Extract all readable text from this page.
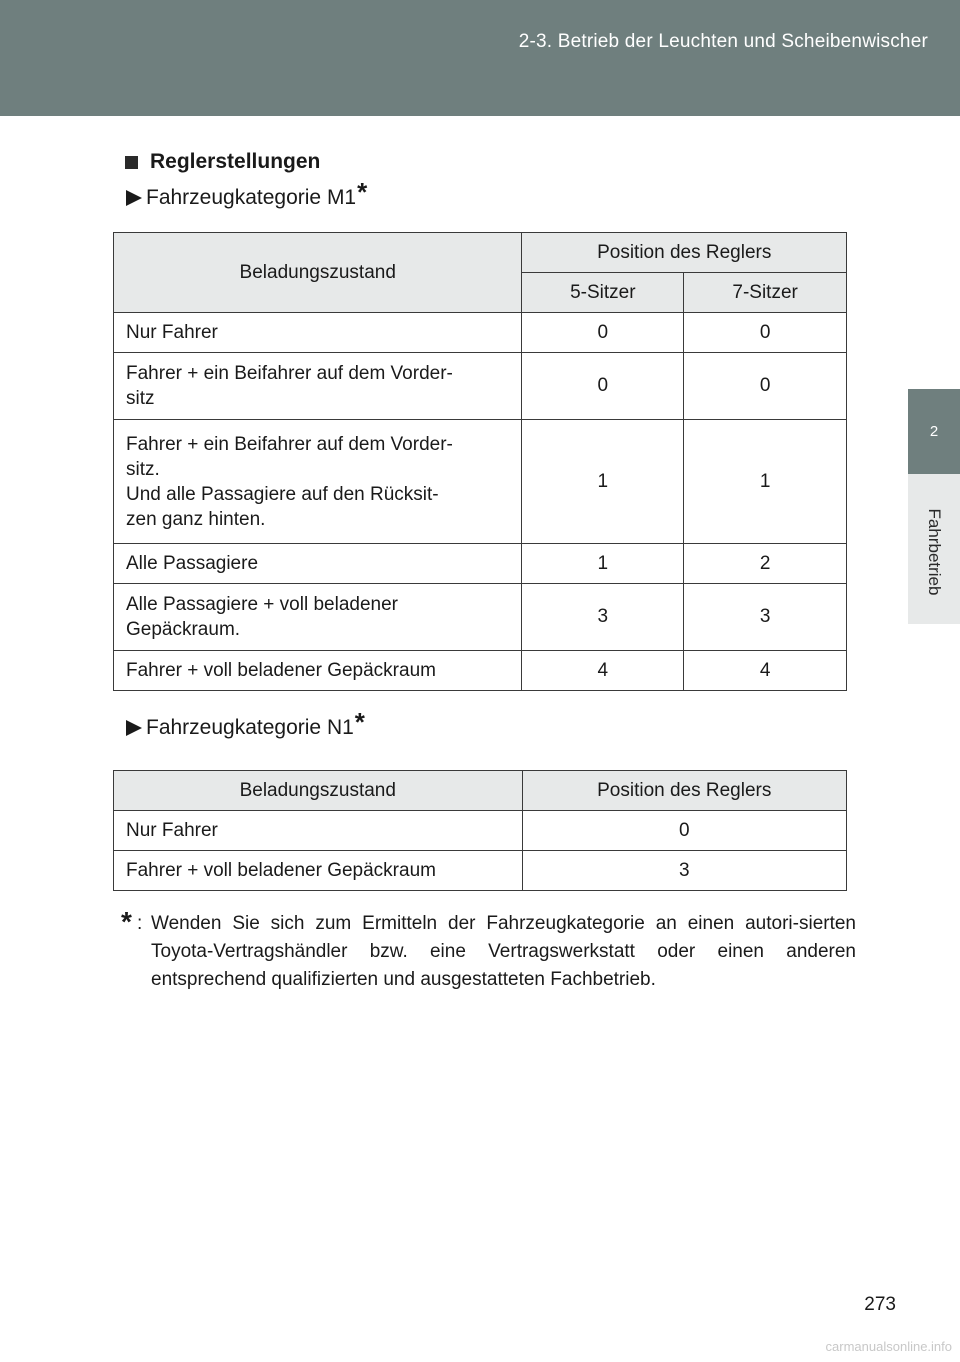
2-3. Betrieb der Leuchten und Scheibenwischer
2
Fahrbetrieb
Reglerstellungen
Fahrzeugkategorie M1 *
Beladungszustand	Position des Reglers	
	5-Sitzer	7-Sitzer
Nur Fahrer	0	0
Fahrer + ein Beifahrer auf dem Vorder-
sitz	0	0
Fahrer + ein Beifahrer auf dem Vorder-
sitz.
Und alle Passagiere auf den Rücksit-
zen ganz hinten.	1	1
Alle Passagiere	1	2
Alle Passagiere + voll beladener
Gepäckraum.	3	3
Fahrer + voll beladener Gepäckraum	4	4
Fahrzeugkategorie N1 *
Beladungszustand	Position des Reglers
Nur Fahrer	0
Fahrer + voll beladener Gepäckraum	3
* : Wenden Sie sich zum Ermitteln der Fahrzeugkategorie an einen autori-sierten Toyota-Vertragshändler bzw. eine Vertragswerkstatt oder einen anderen entsprechend qualifizierten und ausgestatteten Fachbetrieb.
273
carmanualsonline.info
